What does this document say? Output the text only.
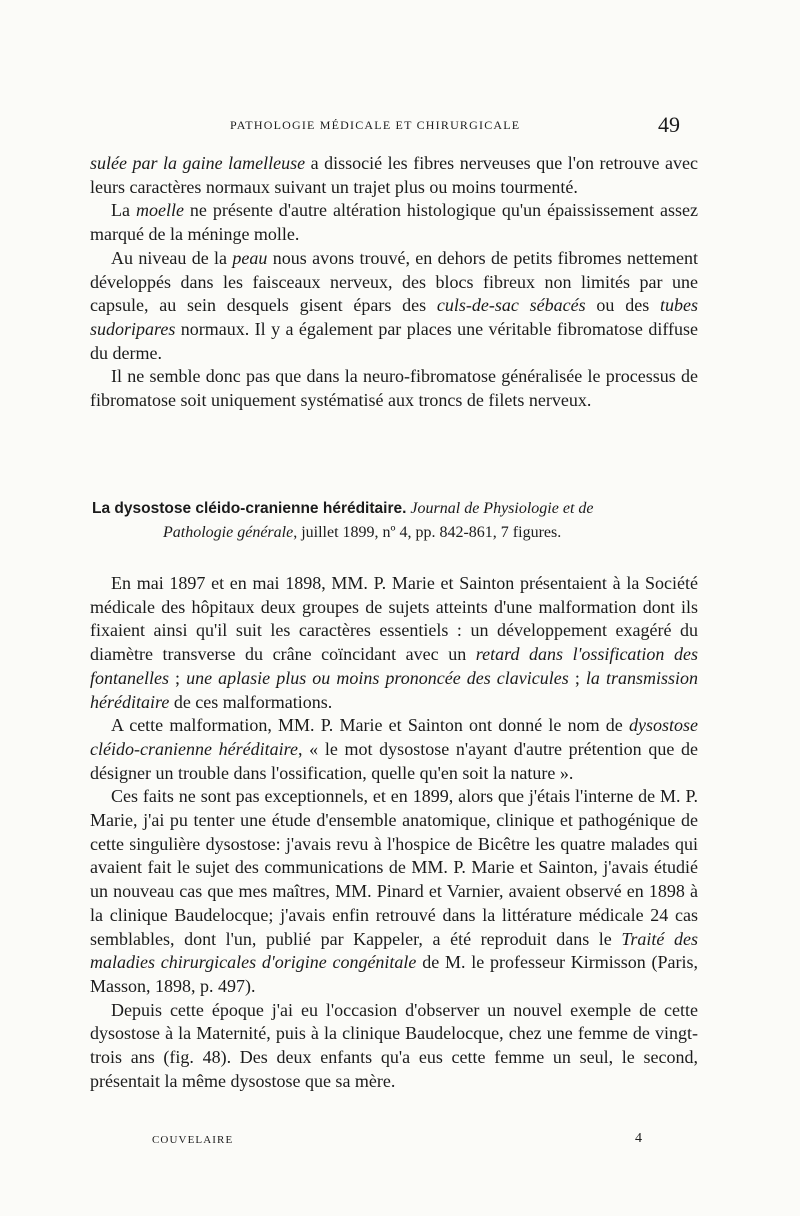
PATHOLOGIE MÉDICALE ET CHIRURGICALE	49

sulée par la gaine lamelleuse a dissocié les fibres nerveuses que l'on retrouve avec leurs caractères normaux suivant un trajet plus ou moins tourmenté.

La moelle ne présente d'autre altération histologique qu'un épaississement assez marqué de la méninge molle.

Au niveau de la peau nous avons trouvé, en dehors de petits fibromes nettement développés dans les faisceaux nerveux, des blocs fibreux non limités par une capsule, au sein desquels gisent épars des culs-de-sac sébacés ou des tubes sudoripares normaux. Il y a également par places une véritable fibromatose diffuse du derme.

Il ne semble donc pas que dans la neuro-fibromatose généralisée le processus de fibromatose soit uniquement systématisé aux troncs de filets nerveux.

La dysostose cléido-cranienne héréditaire. Journal de Physiologie et de
Pathologie générale, juillet 1899, nº 4, pp. 842-861, 7 figures.

En mai 1897 et en mai 1898, MM. P. Marie et Sainton présentaient à la Société médicale des hôpitaux deux groupes de sujets atteints d'une malformation dont ils fixaient ainsi qu'il suit les caractères essentiels : un développement exagéré du diamètre transverse du crâne coïncidant avec un retard dans l'ossification des fontanelles ; une aplasie plus ou moins prononcée des clavicules ; la transmission héréditaire de ces malformations.

A cette malformation, MM. P. Marie et Sainton ont donné le nom de dysostose cléido-cranienne héréditaire, « le mot dysostose n'ayant d'autre prétention que de désigner un trouble dans l'ossification, quelle qu'en soit la nature ».

Ces faits ne sont pas exceptionnels, et en 1899, alors que j'étais l'interne de M. P. Marie, j'ai pu tenter une étude d'ensemble anatomique, clinique et pathogénique de cette singulière dysostose: j'avais revu à l'hospice de Bicêtre les quatre malades qui avaient fait le sujet des communications de MM. P. Marie et Sainton, j'avais étudié un nouveau cas que mes maîtres, MM. Pinard et Varnier, avaient observé en 1898 à la clinique Baudelocque; j'avais enfin retrouvé dans la littérature médicale 24 cas semblables, dont l'un, publié par Kappeler, a été reproduit dans le Traité des maladies chirurgicales d'origine congénitale de M. le professeur Kirmisson (Paris, Masson, 1898, p. 497).

Depuis cette époque j'ai eu l'occasion d'observer un nouvel exemple de cette dysostose à la Maternité, puis à la clinique Baudelocque, chez une femme de vingt-trois ans (fig. 48). Des deux enfants qu'a eus cette femme un seul, le second, présentait la même dysostose que sa mère.

COUVELAIRE	4
